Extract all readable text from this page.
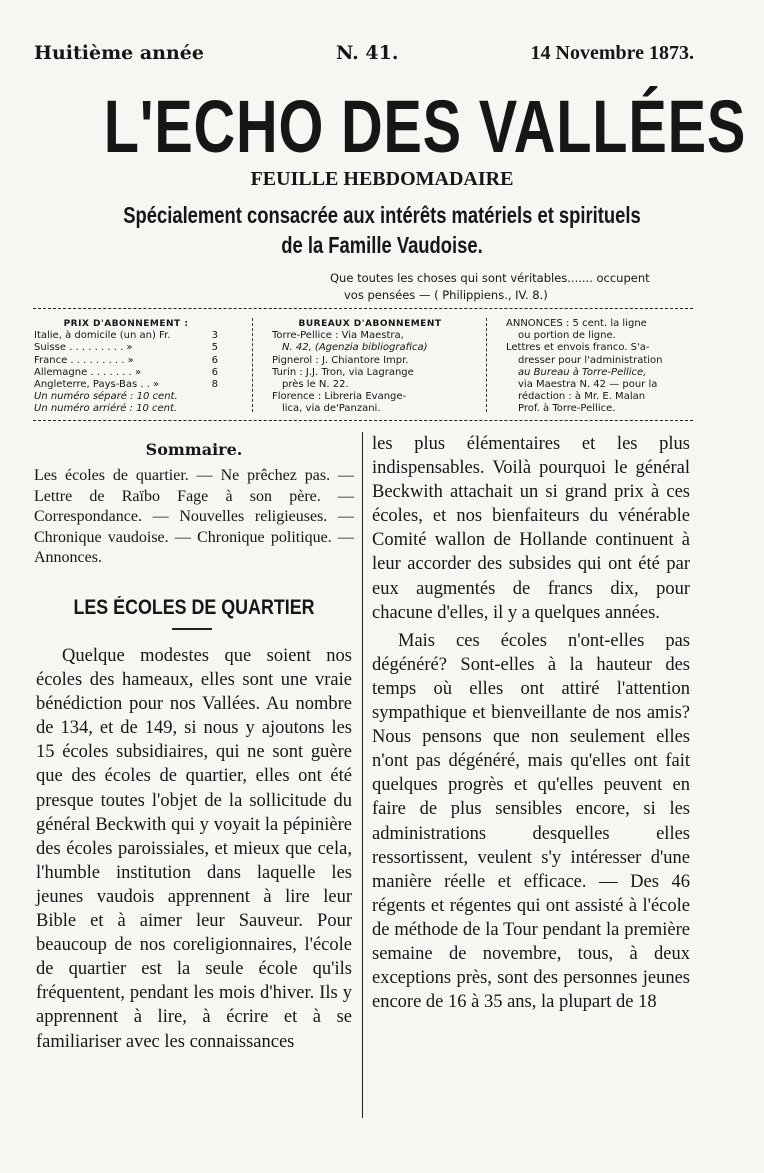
Huitième année	N. 41.	14 Novembre 1873.
L'ECHO DES VALLÉES
FEUILLE HEBDOMADAIRE
Spécialement consacrée aux intérêts matériels et spirituels
de la Famille Vaudoise.
Que toutes les choses qui sont véritables....... occupent
vos pensées — ( Philippiens., IV. 8.)
PRIX D'ABONNEMENT :
Italie, à domicile (un an) Fr.	3
Suisse . . . . . . . . . »	5
France . . . . . . . . . »	6
Allemagne . . . . . . . »	6
Angleterre, Pays-Bas . . »	8
Un numéro séparé : 10 cent.
Un numéro arriéré : 10 cent.
BUREAUX D'ABONNEMENT
Torre-Pellice : Via Maestra,
N. 42, (Agenzia bibliografica)
Pignerol : J. Chiantore Impr.
Turin : J.J. Tron, via Lagrange
près le N. 22.
Florence : Libreria Evange-
lica, via de'Panzani.
ANNONCES : 5 cent. la ligne
ou portion de ligne.
Lettres et envois franco. S'a-
dresser pour l'administration
au Bureau à Torre-Pellice,
via Maestra N. 42 — pour la
rédaction : à Mr. E. Malan
Prof. à Torre-Pellice.
Sommaire.
Les écoles de quartier. — Ne prêchez pas. — Lettre de Raïbo Fage à son père. — Correspondance. — Nouvelles religieuses. — Chronique vaudoise. — Chronique politique. — Annonces.
LES ÉCOLES DE QUARTIER

Quelque modestes que soient nos écoles des hameaux, elles sont une vraie bénédiction pour nos Vallées. Au nombre de 134, et de 149, si nous y ajoutons les 15 écoles subsidiaires, qui ne sont guère que des écoles de quartier, elles ont été presque toutes l'objet de la sollicitude du général Beckwith qui y voyait la pépinière des écoles paroissiales, et mieux que cela, l'humble institution dans laquelle les jeunes vaudois apprennent à lire leur Bible et à aimer leur Sauveur. Pour beaucoup de nos coreligionnaires, l'école de quartier est la seule école qu'ils fréquentent, pendant les mois d'hiver. Ils y apprennent à lire, à écrire et à se familiariser avec les connaissances

les plus élémentaires et les plus indispensables. Voilà pourquoi le général Beckwith attachait un si grand prix à ces écoles, et nos bienfaiteurs du vénérable Comité wallon de Hollande continuent à leur accorder des subsides qui ont été par eux augmentés de francs dix, pour chacune d'elles, il y a quelques années.

Mais ces écoles n'ont-elles pas dégénéré? Sont-elles à la hauteur des temps où elles ont attiré l'attention sympathique et bienveillante de nos amis? Nous pensons que non seulement elles n'ont pas dégénéré, mais qu'elles ont fait quelques progrès et qu'elles peuvent en faire de plus sensibles encore, si les administrations desquelles elles ressortissent, veulent s'y intéresser d'une manière réelle et efficace. — Des 46 régents et régentes qui ont assisté à l'école de méthode de la Tour pendant la première semaine de novembre, tous, à deux exceptions près, sont des personnes jeunes encore de 16 à 35 ans, la plupart de 18
